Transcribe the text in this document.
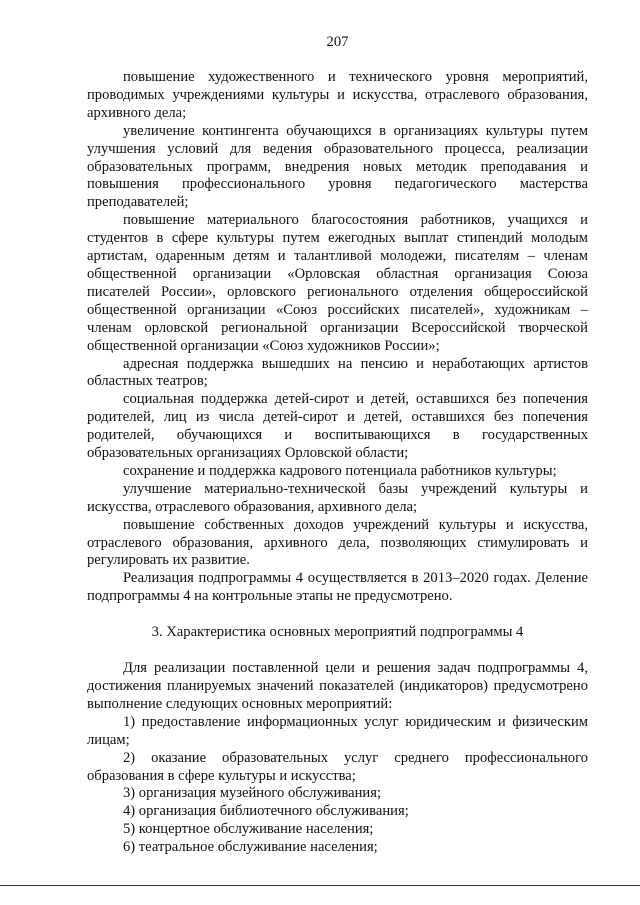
207

повышение художественного и технического уровня мероприятий, проводимых учреждениями культуры и искусства, отраслевого образования, архивного дела;

увеличение контингента обучающихся в организациях культуры путем улучшения условий для ведения образовательного процесса, реализации образовательных программ, внедрения новых методик преподавания и повышения профессионального уровня педагогического мастерства преподавателей;

повышение материального благосостояния работников, учащихся и студентов в сфере культуры путем ежегодных выплат стипендий молодым артистам, одаренным детям и талантливой молодежи, писателям – членам общественной организации «Орловская областная организация Союза писателей России», орловского регионального отделения общероссийской общественной организации «Союз российских писателей», художникам – членам орловской региональной организации Всероссийской творческой общественной организации «Союз художников России»;

адресная поддержка вышедших на пенсию и неработающих артистов областных театров;

социальная поддержка детей-сирот и детей, оставшихся без попечения родителей, лиц из числа детей-сирот и детей, оставшихся без попечения родителей, обучающихся и воспитывающихся в государственных образовательных организациях Орловской области;

сохранение и поддержка кадрового потенциала работников культуры;

улучшение материально-технической базы учреждений культуры и искусства, отраслевого образования, архивного дела;

повышение собственных доходов учреждений культуры и искусства, отраслевого образования, архивного дела, позволяющих стимулировать и регулировать их развитие.

Реализация подпрограммы 4 осуществляется в 2013–2020 годах. Деление подпрограммы 4 на контрольные этапы не предусмотрено.

3. Характеристика основных мероприятий подпрограммы 4

Для реализации поставленной цели и решения задач подпрограммы 4, достижения планируемых значений показателей (индикаторов) предусмотрено выполнение следующих основных мероприятий:

1) предоставление информационных услуг юридическим и физическим лицам;

2) оказание образовательных услуг среднего профессионального образования в сфере культуры и искусства;

3) организация музейного обслуживания;

4) организация библиотечного обслуживания;

5) концертное обслуживание населения;

6) театральное обслуживание населения;
